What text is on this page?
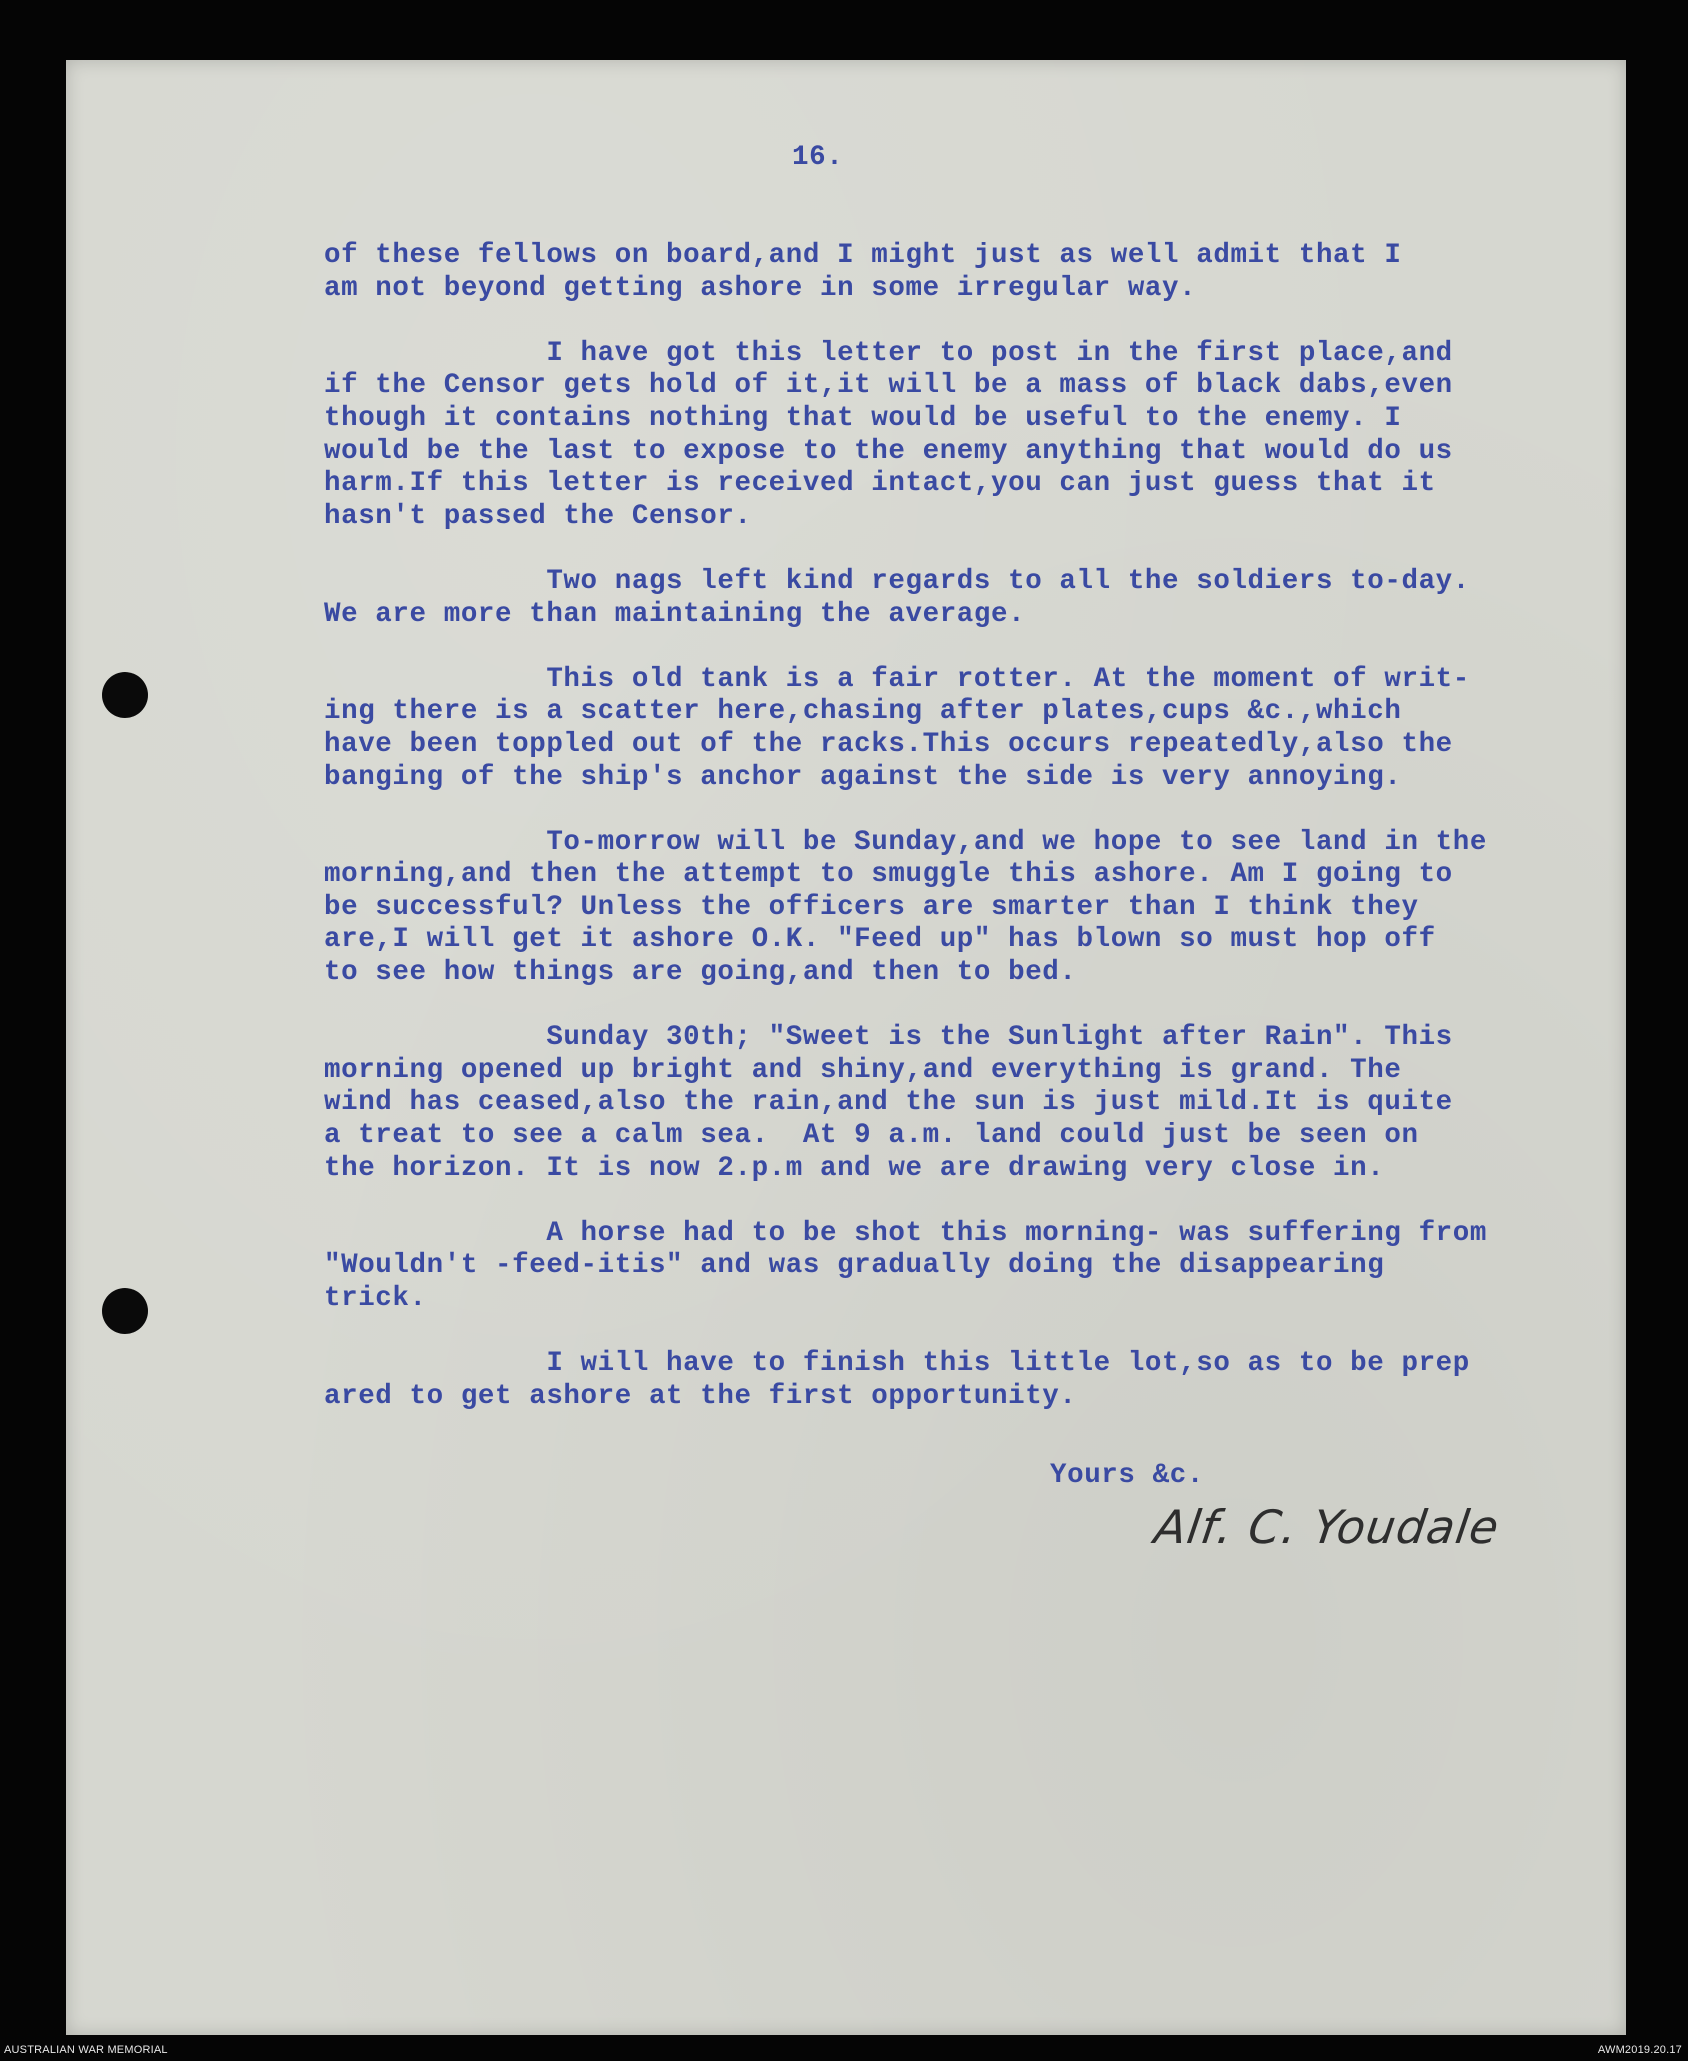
16.

of these fellows on board,and I might just as well admit that I
am not beyond getting ashore in some irregular way.

I have got this letter to post in the first place,and
if the Censor gets hold of it,it will be a mass of black dabs,even
though it contains nothing that would be useful to the enemy. I
would be the last to expose to the enemy anything that would do us
harm.If this letter is received intact,you can just guess that it
hasn't passed the Censor.

Two nags left kind regards to all the soldiers to-day.
We are more than maintaining the average.

This old tank is a fair rotter. At the moment of writ-
ing there is a scatter here,chasing after plates,cups &c.,which
have been toppled out of the racks.This occurs repeatedly,also the
banging of the ship's anchor against the side is very annoying.

To-morrow will be Sunday,and we hope to see land in the
morning,and then the attempt to smuggle this ashore. Am I going to
be successful? Unless the officers are smarter than I think they
are,I will get it ashore O.K. "Feed up" has blown so must hop off
to see how things are going,and then to bed.

Sunday 30th; "Sweet is the Sunlight after Rain". This
morning opened up bright and shiny,and everything is grand. The
wind has ceased,also the rain,and the sun is just mild.It is quite
a treat to see a calm sea.  At 9 a.m. land could just be seen on
the horizon. It is now 2.p.m and we are drawing very close in.

A horse had to be shot this morning- was suffering from
"Wouldn't -feed-itis" and was gradually doing the disappearing
trick.

I will have to finish this little lot,so as to be prep
ared to get ashore at the first opportunity.

Yours &c.

Alf. C. Youdale

AUSTRALIAN WAR MEMORIAL	AWM2019.20.17
